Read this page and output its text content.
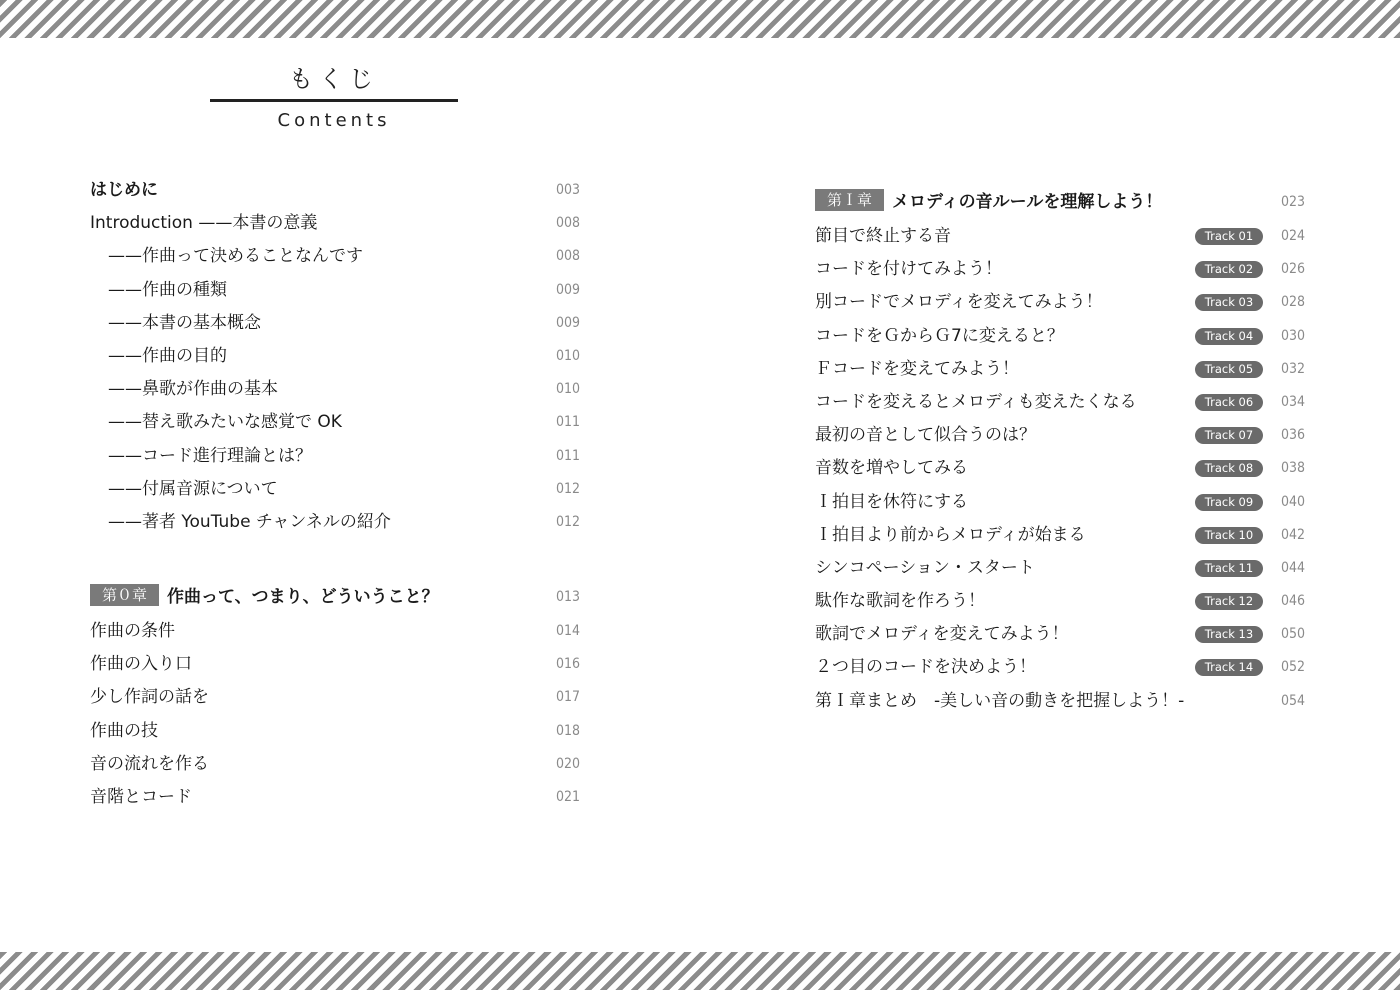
もくじ
Contents
はじめに	003
Introduction ——本書の意義	008
——作曲って決めることなんです	008
——作曲の種類	009
——本書の基本概念	009
——作曲の目的	010
——鼻歌が作曲の基本	010
——替え歌みたいな感覚で OK	011
——コード進行理論とは？	011
——付属音源について	012
——著者 YouTube チャンネルの紹介	012
第０章 作曲って、つまり、どういうこと？	013
作曲の条件	014
作曲の入り口	016
少し作詞の話を	017
作曲の技	018
音の流れを作る	020
音階とコード	021
第Ｉ章 メロディの音ルールを理解しよう！	023
節目で終止する音	Track 01	024
コードを付けてみよう！	Track 02	026
別コードでメロディを変えてみよう！	Track 03	028
コードをＧからＧ7に変えると？	Track 04	030
Ｆコードを変えてみよう！	Track 05	032
コードを変えるとメロディも変えたくなる	Track 06	034
最初の音として似合うのは？	Track 07	036
音数を増やしてみる	Track 08	038
Ｉ拍目を休符にする	Track 09	040
Ｉ拍目より前からメロディが始まる	Track 10	042
シンコペーション・スタート	Track 11	044
駄作な歌詞を作ろう！	Track 12	046
歌詞でメロディを変えてみよう！	Track 13	050
２つ目のコードを決めよう！	Track 14	052
第Ｉ章まとめ　-美しい音の動きを把握しよう！-	054
